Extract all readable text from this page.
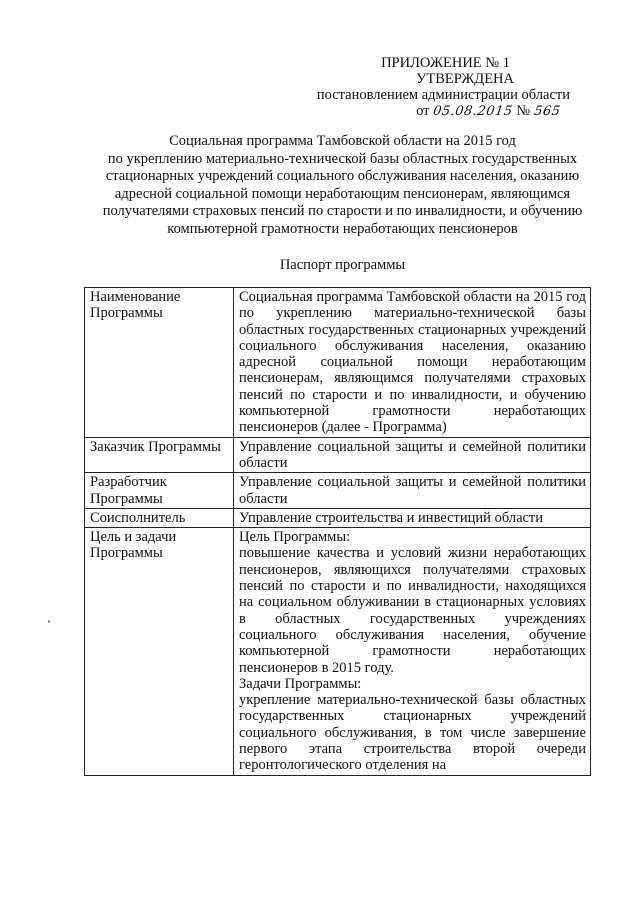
ПРИЛОЖЕНИЕ № 1
УТВЕРЖДЕНА
постановлением администрации области
от 05.08.2015 № 565
Социальная программа Тамбовской области на 2015 год
по укреплению материально-технической базы областных государственных
стационарных учреждений социального обслуживания населения, оказанию
адресной социальной помощи неработающим пенсионерам, являющимся
получателями страховых пенсий по старости и по инвалидности, и обучению
компьютерной грамотности неработающих пенсионеров
Паспорт программы
Наименование Программы	Социальная программа Тамбовской области на 2015 год по укреплению материально-технической базы областных государственных стационарных учреждений социального обслуживания населения, оказанию адресной социальной помощи неработающим пенсионерам, являющимся получателями страховых пенсий по старости и по инвалидности, и обучению компьютерной грамотности неработающих пенсионеров (далее - Программа)
Заказчик Программы	Управление социальной защиты и семейной политики области
Разработчик Программы	Управление социальной защиты и семейной политики области
Соисполнитель	Управление строительства и инвестиций области
Цель и задачи Программы	Цель Программы:
повышение качества и условий жизни неработающих пенсионеров, являющихся получателями страховых пенсий по старости и по инвалидности, находящихся на социальном облуживании в стационарных условиях в областных государственных учреждениях социального обслуживания населения, обучение компьютерной грамотности неработающих пенсионеров в 2015 году.
Задачи Программы:
укрепление материально-технической базы областных государственных стационарных учреждений социального обслуживания, в том числе завершение первого этапа строительства второй очереди геронтологического отделения на
